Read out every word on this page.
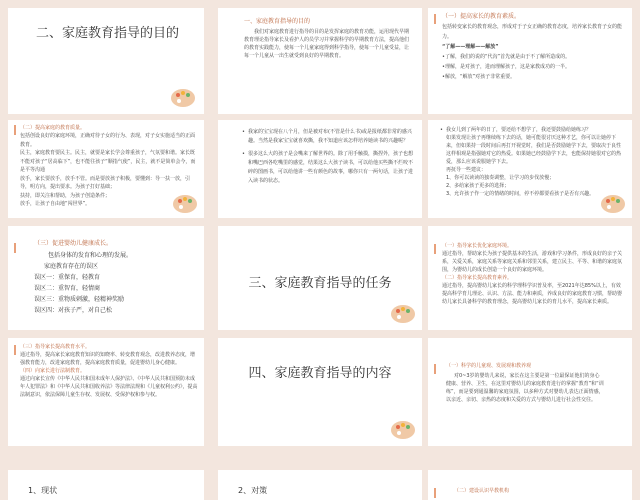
二、家庭教育指导的目的
一、家庭教育指导的目的
我们对家庭教育进行指导的目的是发挥家庭的教育功能，运用现代早期教育理论指导家长及看护人的员学习并掌握科学的早期教育方法，提高他们的教育实践能力，使每一个儿童家庭得到科学指导，使每一个儿童受益，让每一个儿童从一出生就受到良好的早期教育。
（一）提高家长的教育素质。

包括转变家长的教育观念，形成对于子女正确的教育态度，培养家长教育子女的能力。

“了解——理解——解放”

•了解，我们的说的“代沟”首先就是由于不了解所造成的。

•理解，是对孩子，进而理解孩子，这是家教成功的一半。

•解放，“解放”对孩子非常重要。

（二）提高家庭的教育质量。

包括创设良好的家庭环境，正确对待子女的行为、表现，对子女实施适当的正面教育。

民主，家庭教育要民主。民主，就要是家长学会尊重孩子，气氛要和谐。家长既不能对孩子“居高临下”，也不能往孩子“顺指气使”，民主，就不是简单会今，而是平等沟通

放手，家长要放手，放手不管。而是要放孩子积极，要懂到：导一扶一放，引导，明方向，提出要求。为孩子打好基础；

扶持，即关注和帮助，为孩子创造条件；

放手，让孩子自由地“闯世界”。

• 我家的宝宝现在八个月，但是被对布(不管是什么书)或是报纸都非常的感兴趣。当然是我家宝宝就喜欢撕，我不知道应该怎样培养她读书的兴趣呢？

• 很多这么大的孩子是会嘴来了解世界的。除了用手触摸，撕捏外，孩子也想和嘴巴西各吃嘴里的感觉，结果这么大孩子读书，可以给他买些撕不烂咬不碎的图画书，可以给他讲一些有颜色的故事，哪你只有一两句话，让孩子进入读书的状态。

• 我女儿到了两年的日了，要还给不想学了，我还要鼓励给她练习？

如果发现让孩子再继续练下去的话，她可能很讨厌这种才艺，你可以让她停下来，但如果持一段时间后再打开视觉时，我们是否鼓励她学下去，要取决于良性这样相观是指强她对它的热爱。如果她已经鼓励学下去，也能保持她很对它的热爱，那么应该说服她学下去。

再抚导一些建议：

1、你可以读读的独奏调整，让学习的步伐放慢；

2、多给家孩子更多的选择；

3、允许孩子作一定的情绪的时间，停不停都要看孩子是否有兴趣。

（三）促进婴幼儿健康成长。

包括身体的发育和心理的发展。

家庭教育存在的误区

误区一：重保育，轻教育

误区二：重智育，轻情商

误区三：重物质刺激，轻精神奖励

误区四：对孩子严，对自己松

三、家庭教育指导的任务
（一）指导家长优化家庭环境。

通过指导，帮助家长为孩子提供基本的生活，游戏和学习条件，形成良好的亲子关系，关爱关系，家庭关系等家庭关系和邻里关系，建立民主、平等、和谐的家庭氛围，为婴幼儿的成长创造一个良好的家庭环境。

（二）指导家长提高教育素养。

通过指导，提高婴幼儿家长的科学理科学识普及率，至2021年达85%以上，有效提高科学育儿理论、认识、方法、能力和素质，养成良好的家庭教育习惯，帮助婴幼儿家长具备科学的教育理念，提高婴幼儿家长的育儿水平，提高家长素质。

（三）指导家长提高教育水平。

通过指导，提高家长家庭教育知识的知晓率、转变教育观念，改进教养态度，增强教育能力，改进家庭教育，提高家庭教育质量，促进婴幼儿身心健康。

（四）向家长进行法制教育。

通过向家长宣传《中华人民共和国未成年人保护法》、《中华人民共和国预防未成年人犯罪法》和《中华人民共和国收养法》等法律法规和《儿童权利公约》，提高法制意识，依法保障儿童生存权、发展权、受保护权和参与权。

四、家庭教育指导的内容	（一）科学的儿童观、发展观和教养观
对0~3岁的婴幼儿来说，家长在这主要是第一位最保证他们的身心健康、营养、卫生，在这里对婴幼儿的家庭教育进行的掌握“教育”和“训练”，而是要到通温馨的家庭氛围，以多种方式对婴幼儿表达正面情感，以亲近、亲切、亲热的态度和关爱的方式与婴幼儿进行社会性交往。
1、现状	2、对策	（二）建设认识早教机构
